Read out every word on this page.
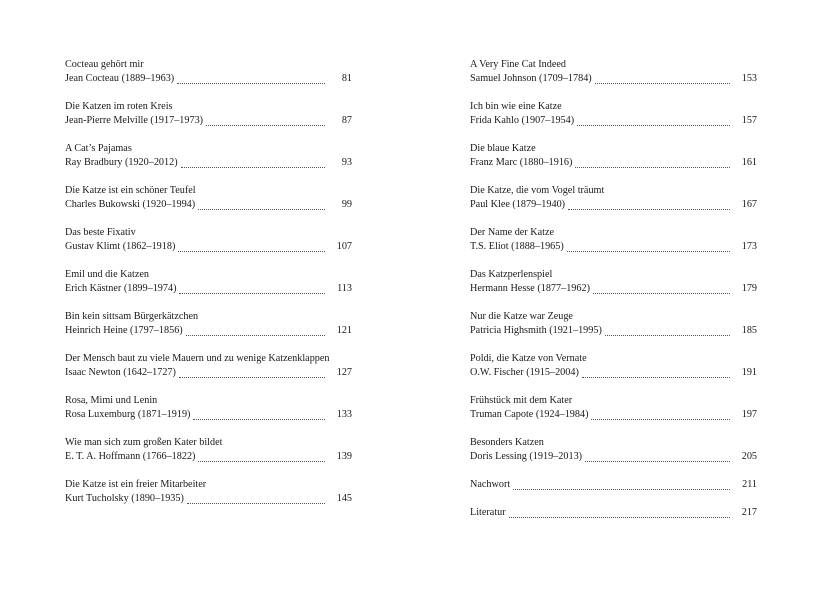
Cocteau gehört mir
Jean Cocteau (1889–1963)	81
Die Katzen im roten Kreis
Jean-Pierre Melville (1917–1973)	87
A Cat’s Pajamas
Ray Bradbury (1920–2012)	93
Die Katze ist ein schöner Teufel
Charles Bukowski (1920–1994)	99
Das beste Fixativ
Gustav Klimt (1862–1918)	107
Emil und die Katzen
Erich Kästner (1899–1974)	113
Bin kein sittsam Bürgerkätzchen
Heinrich Heine (1797–1856)	121
Der Mensch baut zu viele Mauern und zu wenige Katzenklappen
Isaac Newton (1642–1727)	127
Rosa, Mimi und Lenin
Rosa Luxemburg (1871–1919)	133
Wie man sich zum großen Kater bildet
E. T. A. Hoffmann (1766–1822)	139
Die Katze ist ein freier Mitarbeiter
Kurt Tucholsky (1890–1935)	145
A Very Fine Cat Indeed
Samuel Johnson (1709–1784)	153
Ich bin wie eine Katze
Frida Kahlo (1907–1954)	157
Die blaue Katze
Franz Marc (1880–1916)	161
Die Katze, die vom Vogel träumt
Paul Klee (1879–1940)	167
Der Name der Katze
T.S. Eliot (1888–1965)	173
Das Katzperlenspiel
Hermann Hesse (1877–1962)	179
Nur die Katze war Zeuge
Patricia Highsmith (1921–1995)	185
Poldi, die Katze von Vernate
O.W. Fischer (1915–2004)	191
Frühstück mit dem Kater
Truman Capote (1924–1984)	197
Besonders Katzen
Doris Lessing (1919–2013)	205
Nachwort	211
Literatur	217
